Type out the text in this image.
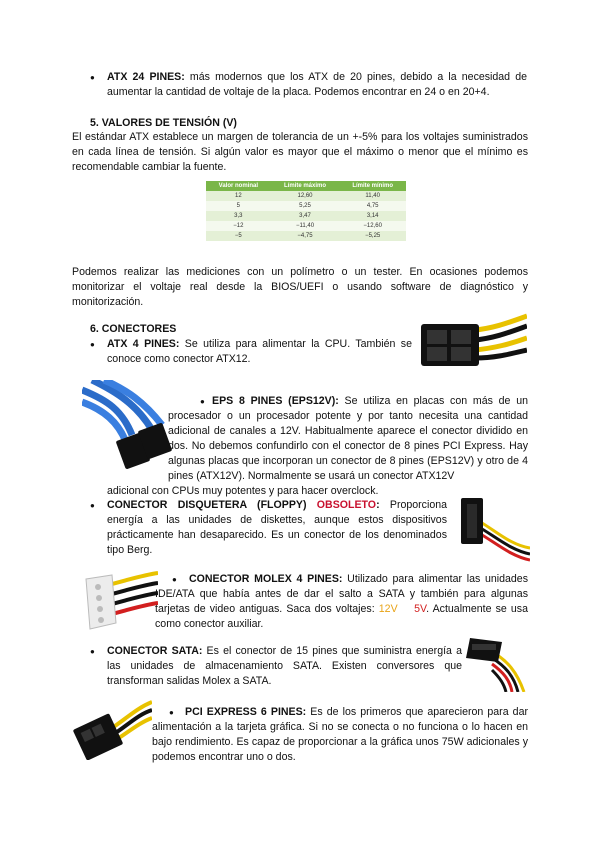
● ATX 24 PINES: más modernos que los ATX de 20 pines, debido a la necesidad de aumentar la cantidad de voltaje de la placa. Podemos encontrar en 24 o en 20+4.
5. VALORES DE TENSIÓN (V)
El estándar ATX establece un margen de tolerancia de un +-5% para los voltajes suministrados en cada línea de tensión. Si algún valor es mayor que el máximo o menor que el mínimo es recomendable cambiar la fuente.
Valor nominal	Límite máximo	Límite mínimo
12	12,60	11,40
5	5,25	4,75
3,3	3,47	3,14
−12	−11,40	−12,60
−5	−4,75	−5,25
Podemos realizar las mediciones con un polímetro o un tester. En ocasiones podemos monitorizar el voltaje real desde la BIOS/UEFI o usando software de diagnóstico y monitorización.
6. CONECTORES
● ATX 4 PINES: Se utiliza para alimentar la CPU. También se conoce como conector ATX12.
● EPS 8 PINES (EPS12V): Se utiliza en placas con más de un procesador o un procesador potente y por tanto necesita una cantidad adicional de canales a 12V. Habitualmente aparece el conector dividido en dos. No debemos confundirlo con el conector de 8 pines PCI Express. Hay algunas placas que incorporan un conector de 8 pines (EPS12V) y otro de 4 pines (ATX12V). Normalmente se usará un conector ATX12V
adicional con CPUs muy potentes y para hacer overclock.
● CONECTOR DISQUETERA (FLOPPY) OBSOLETO: Proporciona energía a las unidades de diskettes, aunque estos dispositivos prácticamente han desaparecido. Es un conector de los denominados tipo Berg.
● CONECTOR MOLEX 4 PINES: Utilizado para alimentar las unidades IDE/ATA que había antes de dar el salto a SATA y también para algunas tarjetas de video antiguas. Saca dos voltajes: 12V 5V. Actualmente se usa como conector auxiliar.
● CONECTOR SATA: Es el conector de 15 pines que suministra energía a las unidades de almacenamiento SATA. Existen conversores que transforman salidas Molex a SATA.
● PCI EXPRESS 6 PINES: Es de los primeros que aparecieron para dar alimentación a la tarjeta gráfica. Si no se conecta o no funciona o lo hacen en bajo rendimiento. Es capaz de proporcionar a la gráfica unos 75W adicionales y podemos encontrar uno o dos.
